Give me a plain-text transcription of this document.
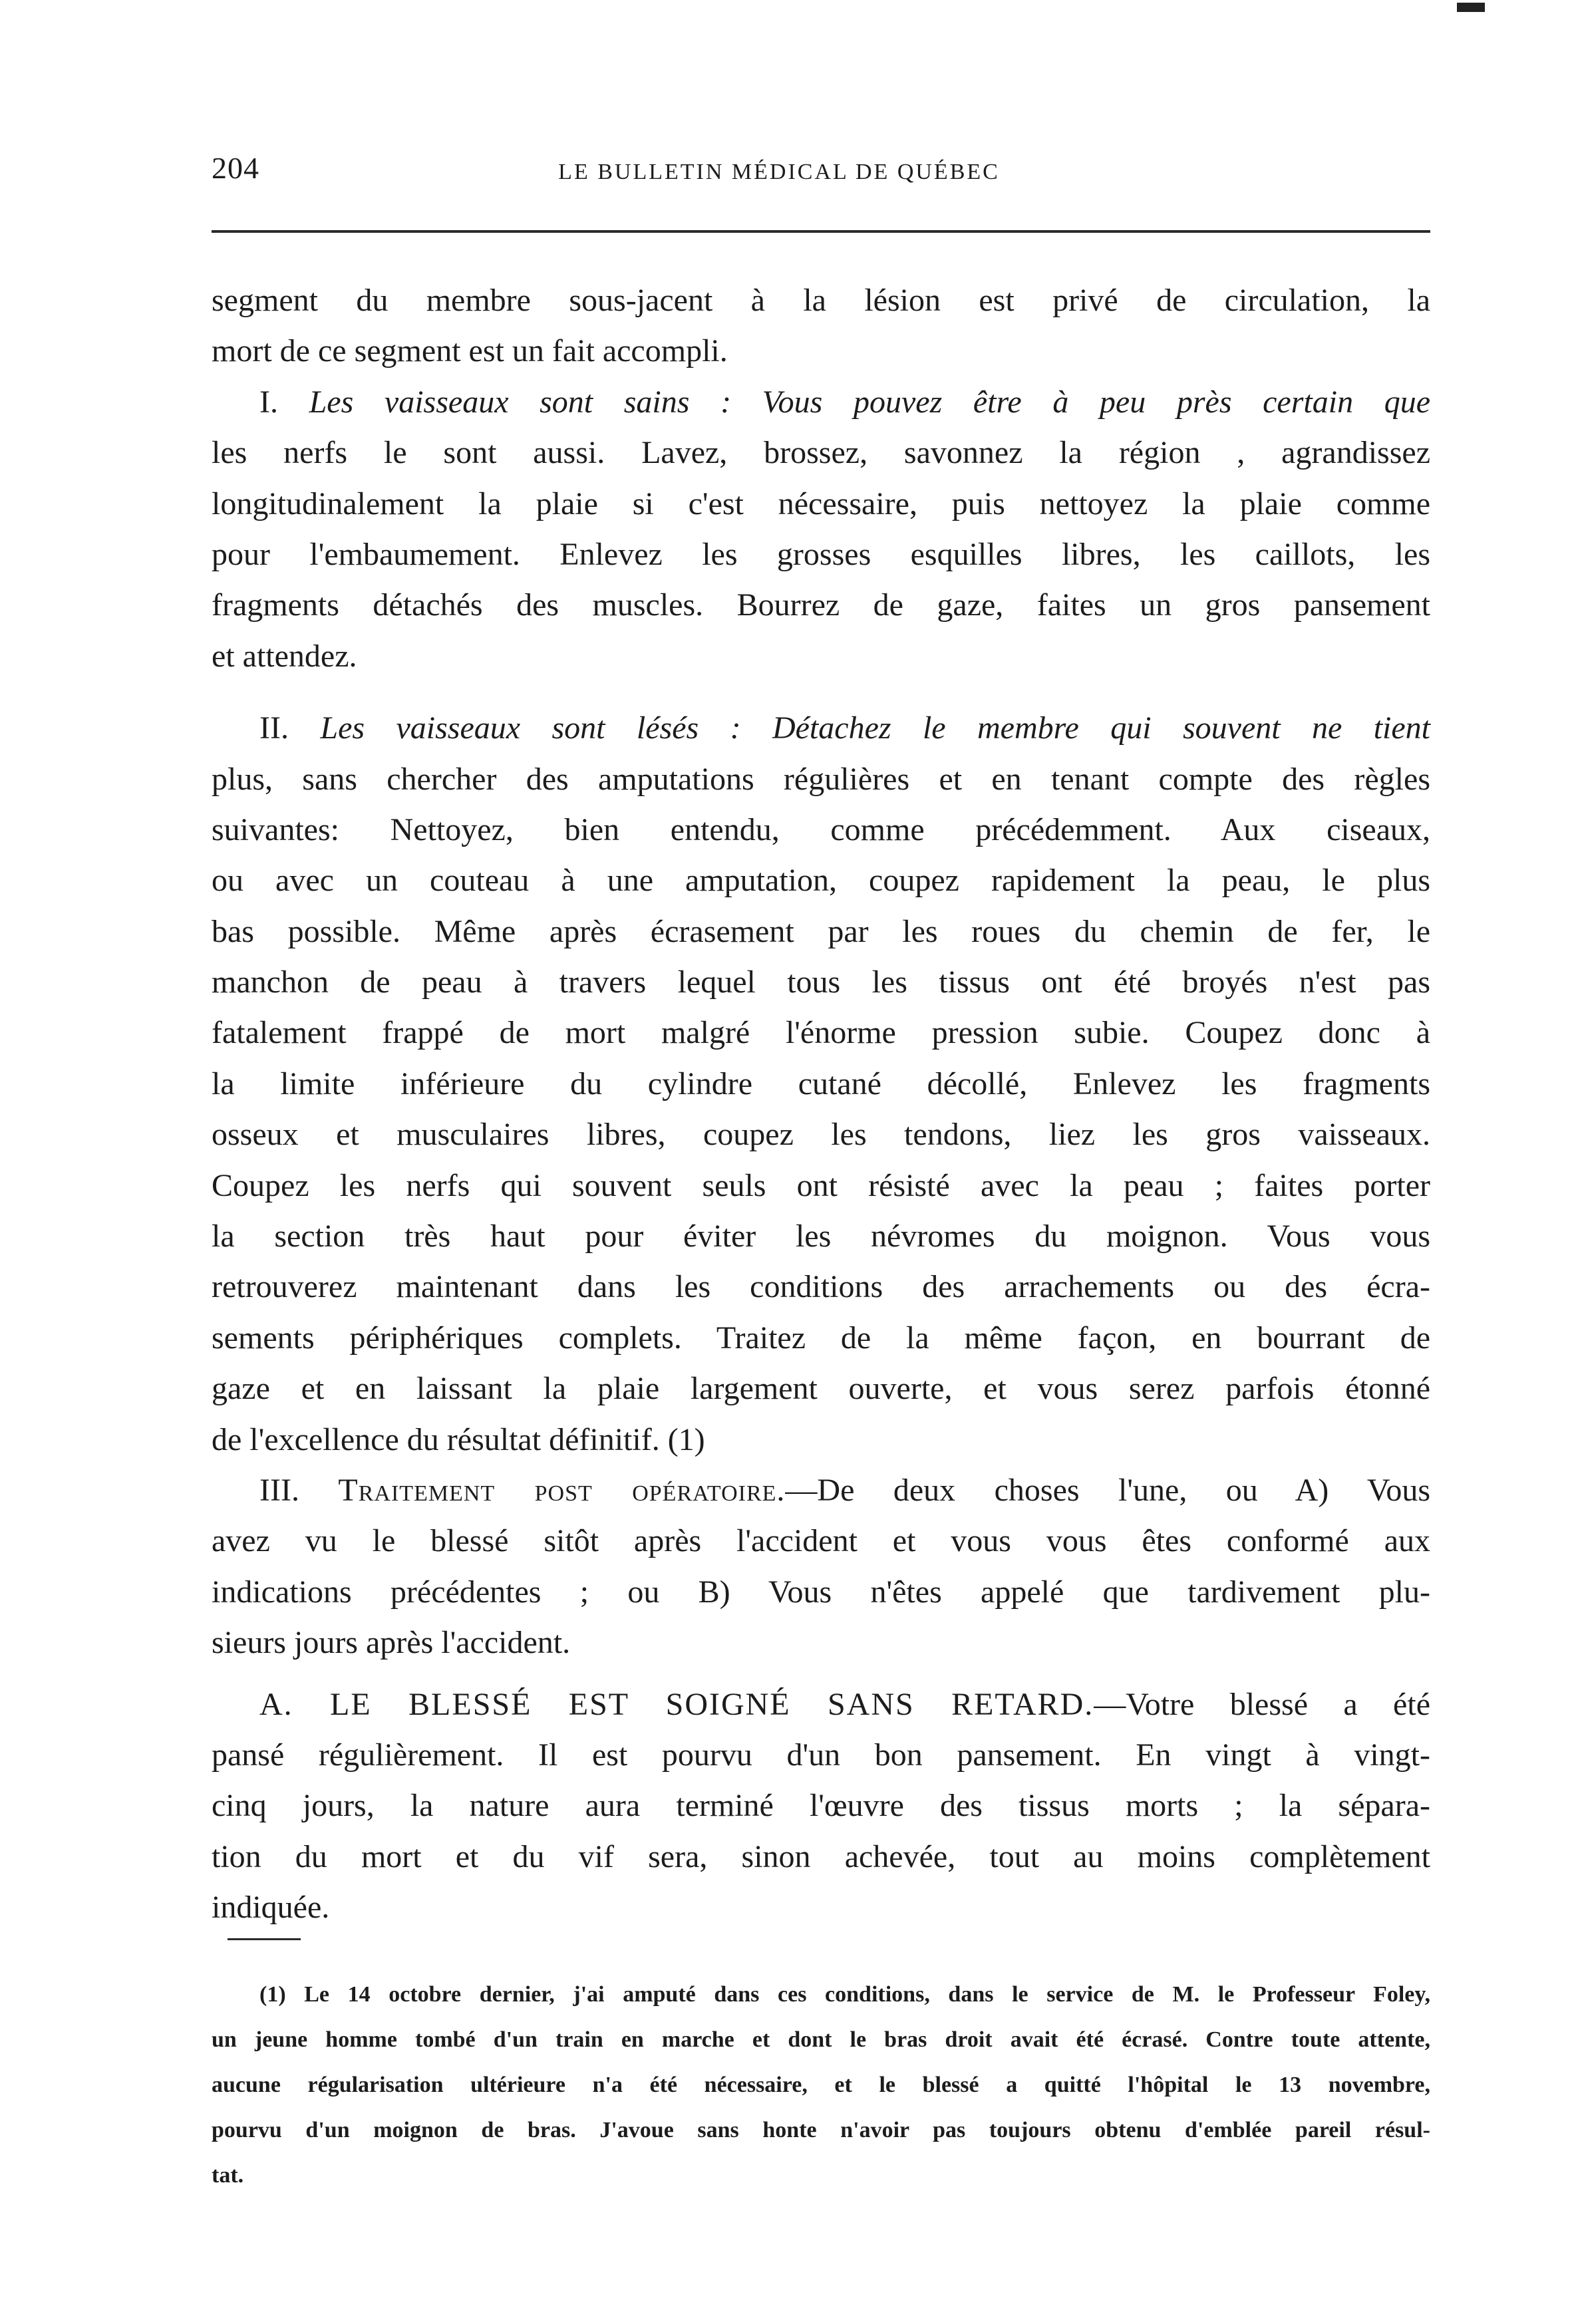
204	LE BULLETIN MÉDICAL DE QUÉBEC
segment du membre sous-jacent à la lésion est privé de circulation, la
mort de ce segment est un fait accompli.
I. Les vaisseaux sont sains : Vous pouvez être à peu près certain que
les nerfs le sont aussi. Lavez, brossez, savonnez la région , agrandissez
longitudinalement la plaie si c'est nécessaire, puis nettoyez la plaie comme
pour l'embaumement. Enlevez les grosses esquilles libres, les caillots, les
fragments détachés des muscles. Bourrez de gaze, faites un gros pansement
et attendez.
II. Les vaisseaux sont lésés : Détachez le membre qui souvent ne tient
plus, sans chercher des amputations régulières et en tenant compte des règles
suivantes: Nettoyez, bien entendu, comme précédemment. Aux ciseaux,
ou avec un couteau à une amputation, coupez rapidement la peau, le plus
bas possible. Même après écrasement par les roues du chemin de fer, le
manchon de peau à travers lequel tous les tissus ont été broyés n'est pas
fatalement frappé de mort malgré l'énorme pression subie. Coupez donc à
la limite inférieure du cylindre cutané décollé, Enlevez les fragments
osseux et musculaires libres, coupez les tendons, liez les gros vaisseaux.
Coupez les nerfs qui souvent seuls ont résisté avec la peau ; faites porter
la section très haut pour éviter les névromes du moignon. Vous vous
retrouverez maintenant dans les conditions des arrachements ou des écra-
sements périphériques complets. Traitez de la même façon, en bourrant de
gaze et en laissant la plaie largement ouverte, et vous serez parfois étonné
de l'excellence du résultat définitif. (1)
III. Traitement post opératoire.—De deux choses l'une, ou A) Vous
avez vu le blessé sitôt après l'accident et vous vous êtes conformé aux
indications précédentes ; ou B) Vous n'êtes appelé que tardivement plu-
sieurs jours après l'accident.
A. LE BLESSÉ EST SOIGNÉ SANS RETARD.—Votre blessé a été
pansé régulièrement. Il est pourvu d'un bon pansement. En vingt à vingt-
cinq jours, la nature aura terminé l'œuvre des tissus morts ; la sépara-
tion du mort et du vif sera, sinon achevée, tout au moins complètement
indiquée.
(1) Le 14 octobre dernier, j'ai amputé dans ces conditions, dans le service de M. le Professeur Foley,
un jeune homme tombé d'un train en marche et dont le bras droit avait été écrasé. Contre toute attente,
aucune régularisation ultérieure n'a été nécessaire, et le blessé a quitté l'hôpital le 13 novembre,
pourvu d'un moignon de bras. J'avoue sans honte n'avoir pas toujours obtenu d'emblée pareil résul-
tat.
